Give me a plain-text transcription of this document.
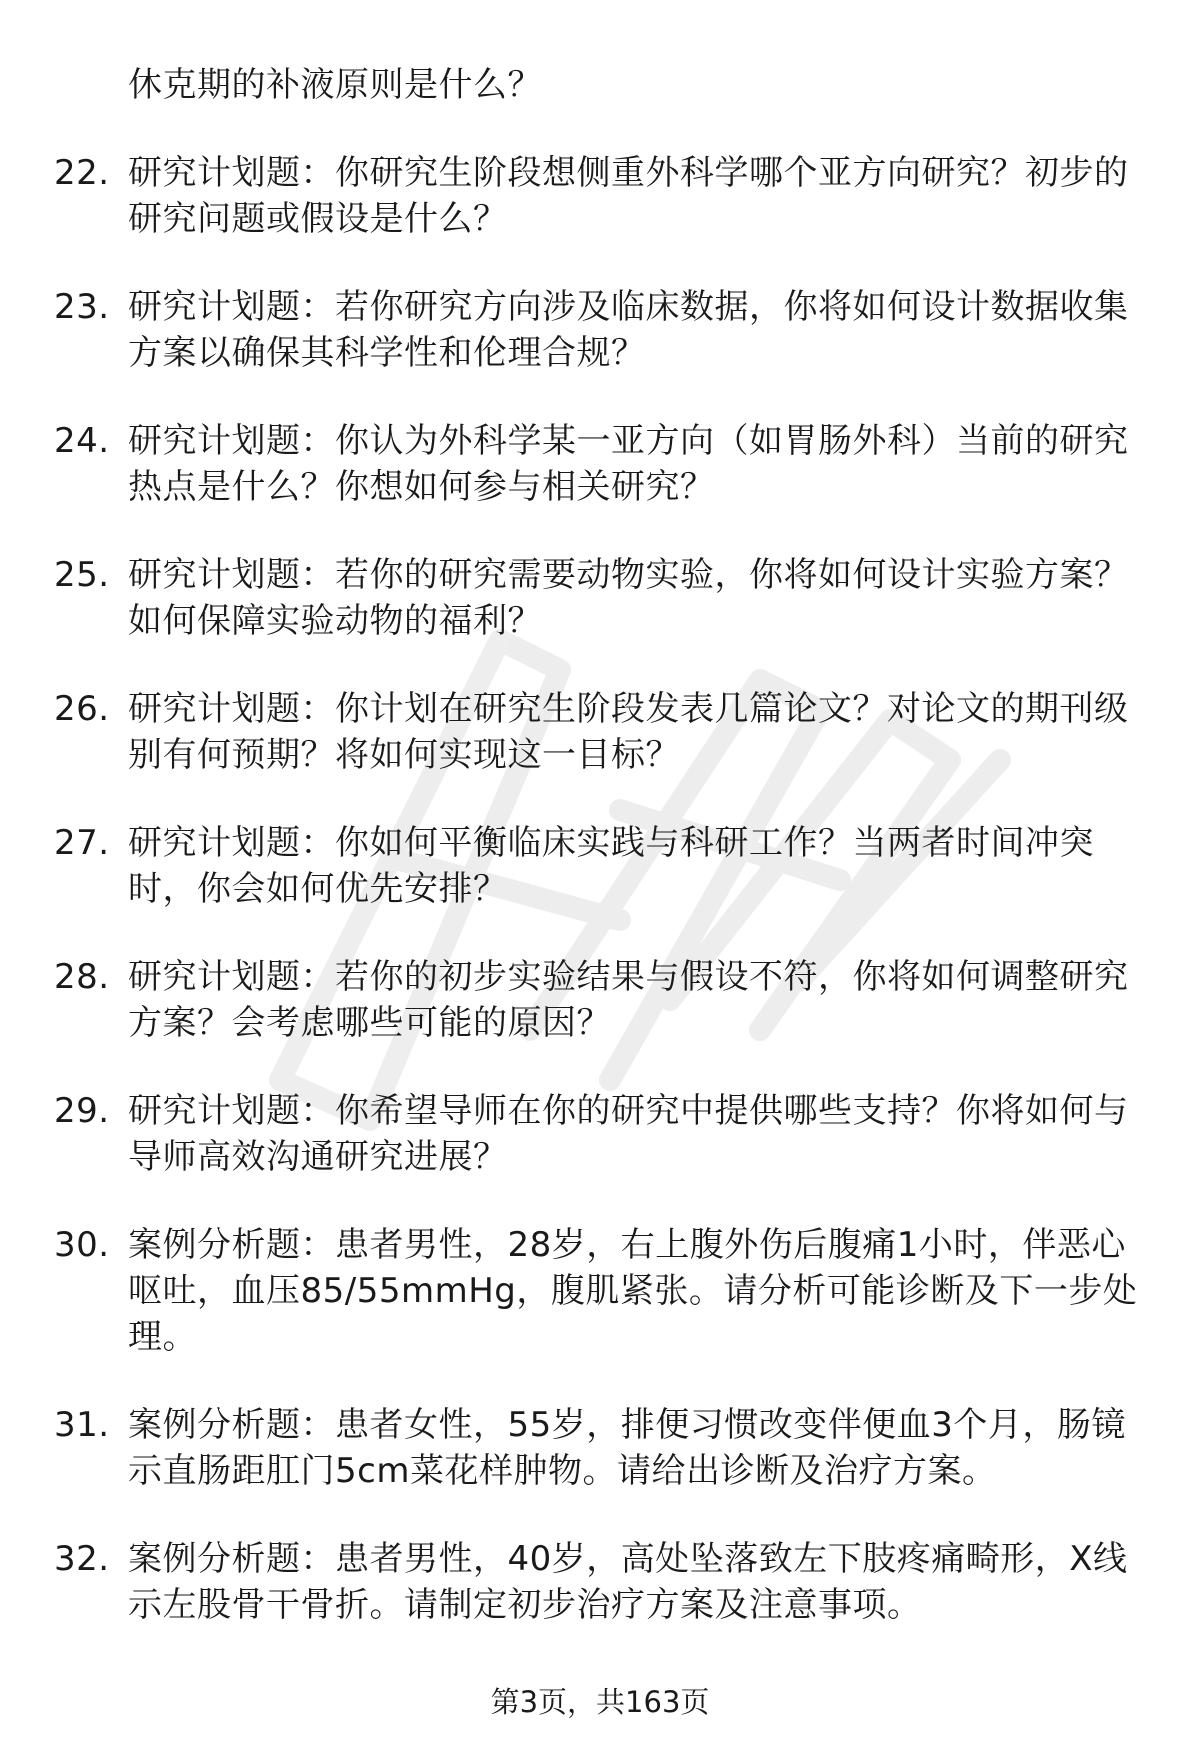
休克期的补液原则是什么？
22. 研究计划题：你研究生阶段想侧重外科学哪个亚方向研究？初步的研究问题或假设是什么？
23. 研究计划题：若你研究方向涉及临床数据，你将如何设计数据收集方案以确保其科学性和伦理合规？
24. 研究计划题：你认为外科学某一亚方向（如胃肠外科）当前的研究热点是什么？你想如何参与相关研究？
25. 研究计划题：若你的研究需要动物实验，你将如何设计实验方案？如何保障实验动物的福利？
26. 研究计划题：你计划在研究生阶段发表几篇论文？对论文的期刊级别有何预期？将如何实现这一目标？
27. 研究计划题：你如何平衡临床实践与科研工作？当两者时间冲突时，你会如何优先安排？
28. 研究计划题：若你的初步实验结果与假设不符，你将如何调整研究方案？会考虑哪些可能的原因？
29. 研究计划题：你希望导师在你的研究中提供哪些支持？你将如何与导师高效沟通研究进展？
30. 案例分析题：患者男性，28岁，右上腹外伤后腹痛1小时，伴恶心呕吐，血压85/55mmHg，腹肌紧张。请分析可能诊断及下一步处理。
31. 案例分析题：患者女性，55岁，排便习惯改变伴便血3个月，肠镜示直肠距肛门5cm菜花样肿物。请给出诊断及治疗方案。
32. 案例分析题：患者男性，40岁，高处坠落致左下肢疼痛畸形，X线示左股骨干骨折。请制定初步治疗方案及注意事项。
第3页，共163页
